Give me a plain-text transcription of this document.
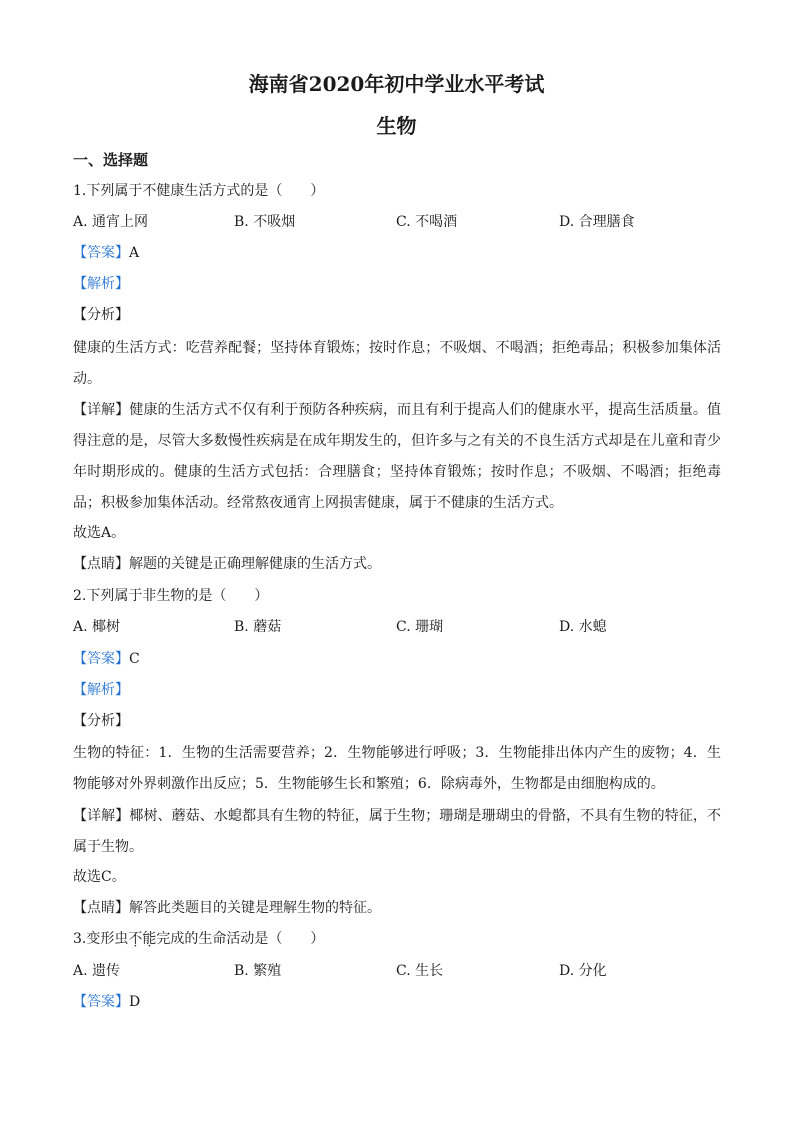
海南省2020年初中学业水平考试
生物
一、选择题
1.下列属于不健康生活方式的是（　　）
A. 通宵上网	B. 不吸烟	C. 不喝酒	D. 合理膳食
【答案】A
【解析】
【分析】
健康的生活方式：吃营养配餐；坚持体育锻炼；按时作息；不吸烟、不喝酒；拒绝毒品；积极参加集体活动。
【详解】健康的生活方式不仅有利于预防各种疾病，而且有利于提高人们的健康水平，提高生活质量。值得注意的是，尽管大多数慢性疾病是在成年期发生的，但许多与之有关的不良生活方式却是在儿童和青少年时期形成的。健康的生活方式包括：合理膳食；坚持体育锻炼；按时作息；不吸烟、不喝酒；拒绝毒品；积极参加集体活动。经常熬夜通宵上网损害健康，属于不健康的生活方式。
故选A。
【点睛】解题的关键是正确理解健康的生活方式。
2.下列属于非生物的是（　　）
A. 椰树	B. 蘑菇	C. 珊瑚	D. 水螅
【答案】C
【解析】
【分析】
生物的特征：1．生物的生活需要营养；2．生物能够进行呼吸；3．生物能排出体内产生的废物；4．生物能够对外界刺激作出反应；5．生物能够生长和繁殖；6．除病毒外，生物都是由细胞构成的。
【详解】椰树、蘑菇、水螅都具有生物的特征，属于生物；珊瑚是珊瑚虫的骨骼，不具有生物的特征，不属于生物。
故选C。
【点睛】解答此类题目的关键是理解生物的特征。
3.变形虫不能完成的生命活动是（　　）
A. 遗传	B. 繁殖	C. 生长	D. 分化
【答案】D
